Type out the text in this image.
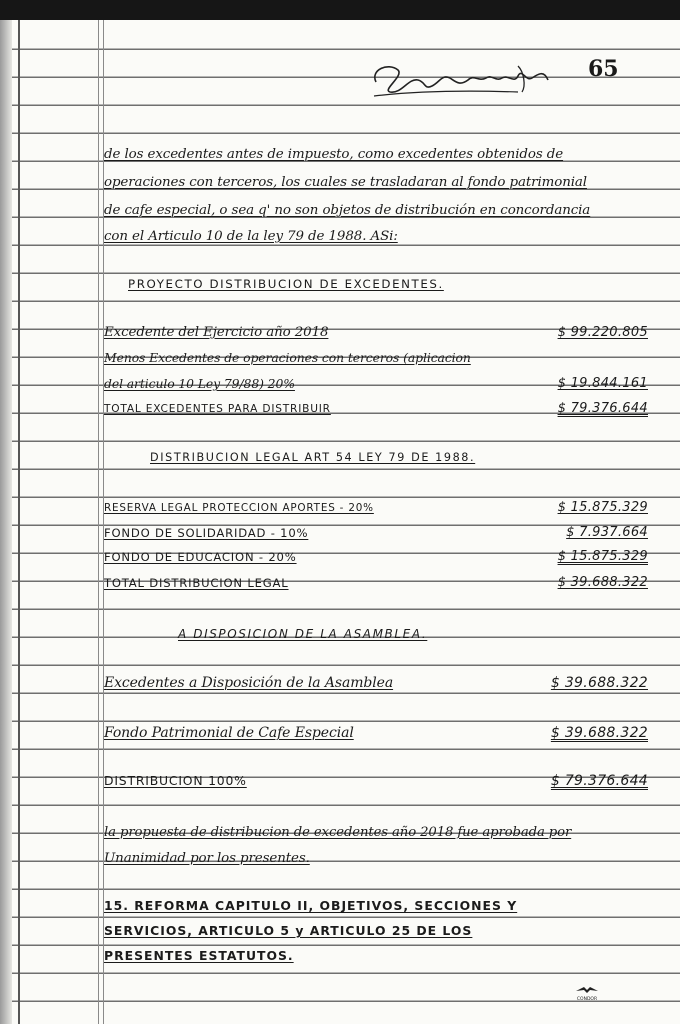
65
de los excedentes antes de impuesto, como excedentes obtenidos de
operaciones con terceros, los cuales se trasladaran al fondo patrimonial
de cafe especial, o sea q' no son objetos de distribución en concordancia
con el Articulo 10 de la ley 79 de 1988. ASi:
PROYECTO DISTRIBUCION DE EXCEDENTES.
Excedente del Ejercicio año 2018	$ 99.220.805
Menos Excedentes de operaciones con terceros (aplicacion
del articulo 10 Ley 79/88) 20%	$ 19.844.161
TOTAL EXCEDENTES PARA DISTRIBUIR	$ 79.376.644
DISTRIBUCION LEGAL ART 54 LEY 79 DE 1988.
RESERVA LEGAL PROTECCION APORTES - 20%	$ 15.875.329
FONDO DE SOLIDARIDAD - 10%	$ 7.937.664
FONDO DE EDUCACION - 20%	$ 15.875.329
TOTAL DISTRIBUCION LEGAL	$ 39.688.322
A DISPOSICION DE LA ASAMBLEA.
Excedentes a Disposición de la Asamblea	$ 39.688.322
Fondo Patrimonial de Cafe Especial	$ 39.688.322
DISTRIBUCION 100%	$ 79.376.644
la propuesta de distribucion de excedentes año 2018 fue aprobada por
Unanimidad por los presentes.
15. REFORMA CAPITULO II, OBJETIVOS, SECCIONES Y
SERVICIOS, ARTICULO 5 y ARTICULO 25 DE LOS
PRESENTES ESTATUTOS.
CONDOR
